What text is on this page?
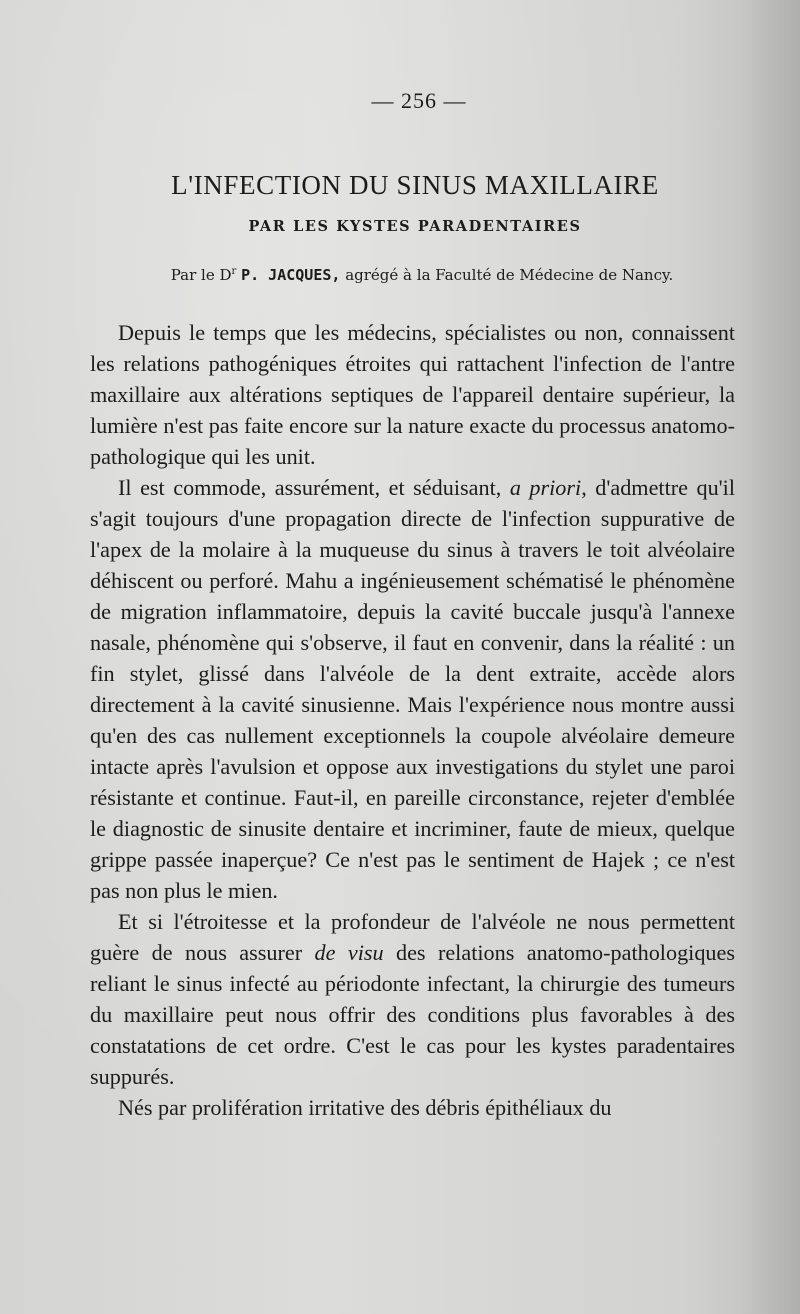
— 256 —
L'INFECTION DU SINUS MAXILLAIRE
PAR LES KYSTES PARADENTAIRES
Par le $D^r$ P. JACQUES, agrégé à la Faculté de Médecine de Nancy.

Depuis le temps que les médecins, spécialistes ou non, connaissent les relations pathogéniques étroites qui rattachent l'infection de l'antre maxillaire aux altérations septiques de l'appareil dentaire supérieur, la lumière n'est pas faite encore sur la nature exacte du processus anatomo-pathologique qui les unit.

Il est commode, assurément, et séduisant, a priori, d'admettre qu'il s'agit toujours d'une propagation directe de l'infection suppurative de l'apex de la molaire à la muqueuse du sinus à travers le toit alvéolaire déhiscent ou perforé. Mahu a ingénieusement schématisé le phénomène de migration inflammatoire, depuis la cavité buccale jusqu'à l'annexe nasale, phénomène qui s'observe, il faut en convenir, dans la réalité : un fin stylet, glissé dans l'alvéole de la dent extraite, accède alors directement à la cavité sinusienne. Mais l'expérience nous montre aussi qu'en des cas nullement exceptionnels la coupole alvéolaire demeure intacte après l'avulsion et oppose aux investigations du stylet une paroi résistante et continue. Faut-il, en pareille circonstance, rejeter d'emblée le diagnostic de sinusite dentaire et incriminer, faute de mieux, quelque grippe passée inaperçue? Ce n'est pas le sentiment de Hajek ; ce n'est pas non plus le mien.

Et si l'étroitesse et la profondeur de l'alvéole ne nous permettent guère de nous assurer de visu des relations anatomo-pathologiques reliant le sinus infecté au périodonte infectant, la chirurgie des tumeurs du maxillaire peut nous offrir des conditions plus favorables à des constatations de cet ordre. C'est le cas pour les kystes paradentaires suppurés.

Nés par prolifération irritative des débris épithéliaux du
